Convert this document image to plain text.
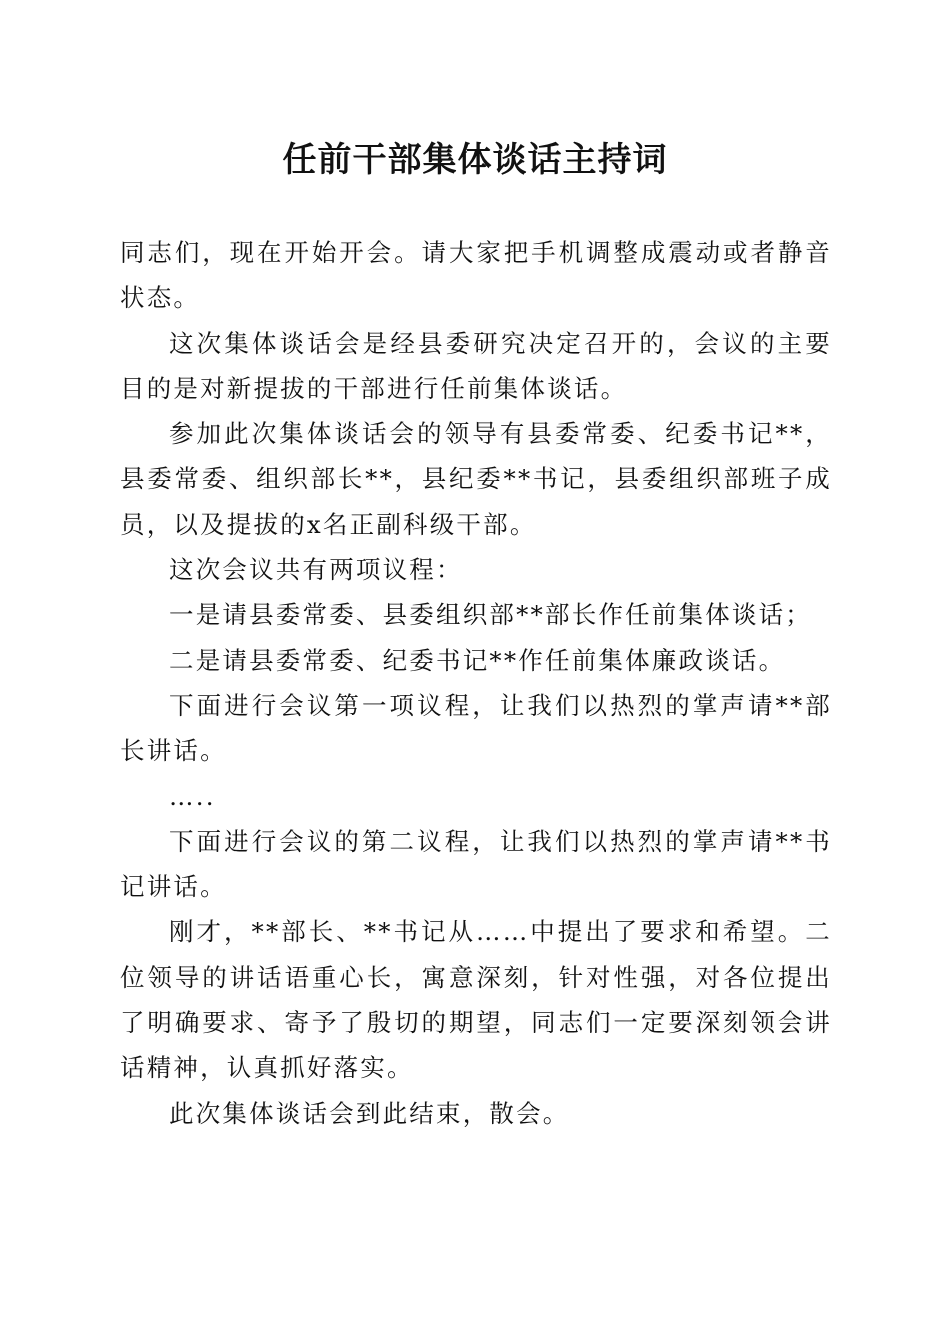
任前干部集体谈话主持词

同志们，现在开始开会。请大家把手机调整成震动或者静音状态。

这次集体谈话会是经县委研究决定召开的，会议的主要目的是对新提拔的干部进行任前集体谈话。

参加此次集体谈话会的领导有县委常委、纪委书记**，县委常委、组织部长**，县纪委**书记，县委组织部班子成员，以及提拔的x名正副科级干部。

这次会议共有两项议程：

一是请县委常委、县委组织部**部长作任前集体谈话；

二是请县委常委、纪委书记**作任前集体廉政谈话。

下面进行会议第一项议程，让我们以热烈的掌声请**部长讲话。

…..

下面进行会议的第二议程，让我们以热烈的掌声请**书记讲话。

刚才，**部长、**书记从……中提出了要求和希望。二位领导的讲话语重心长，寓意深刻，针对性强，对各位提出了明确要求、寄予了殷切的期望，同志们一定要深刻领会讲话精神，认真抓好落实。

此次集体谈话会到此结束，散会。
